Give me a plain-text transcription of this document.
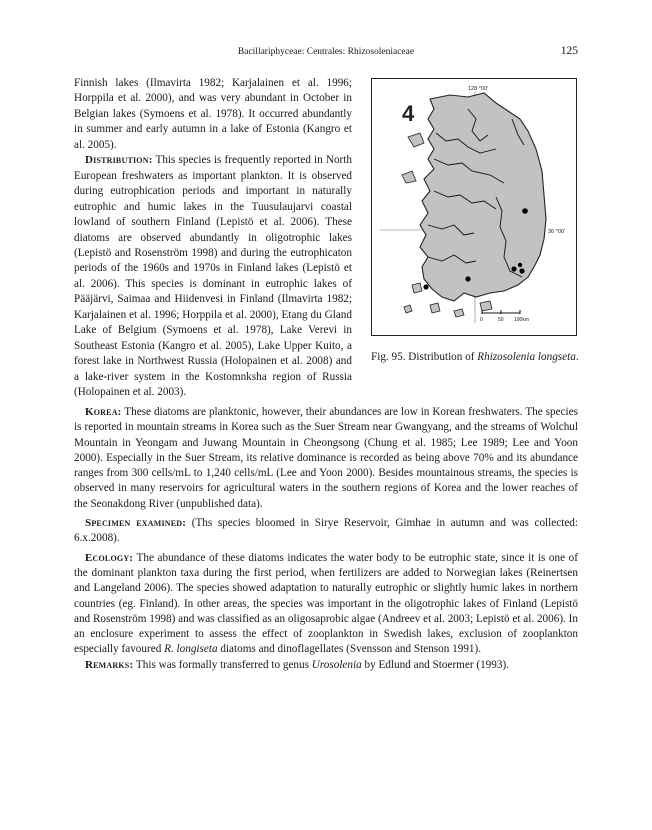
Bacillariphyceae: Centrales: Rhizosoleniaceae	125

Finnish lakes (Ilmavirta 1982; Karjalainen et al. 1996; Horppila et al. 2000), and was very abundant in October in Belgian lakes (Symoens et al. 1978). It occurred abundantly in summer and early autumn in a lake of Estonia (Kangro et al. 2005).

Distribution: This species is frequently reported in North European freshwaters as important plankton. It is observed during eutrophication periods and important in naturally eutrophic and humic lakes in the Tuusulaujarvi coastal lowland of southern Finland (Lepistö et al. 2006). These diatoms are observed abundantly in oligotrophic lakes (Lepistö and Rosenström 1998) and during the eutrophicaton periods of the 1960s and 1970s in Finland lakes (Lepistö et al. 2006). This species is dominant in eutrophic lakes of Pääjärvi, Saimaa and Hiidenvesi in Finland (Ilmavirta 1982; Karjalainen et al. 1996; Horppila et al. 2000), Etang du Gland Lake of Belgium (Symoens et al. 1978), Lake Verevi in Southeast Estonia (Kangro et al. 2005), Lake Upper Kuito, a forest lake in Northwest Russia (Holopainen et al. 2008) and a lake-river system in the Kostomnksha region of Russia (Holopainen et al. 2003).

4
128 °00'
36 °00'
0	50 100km
Fig. 95. Distribution of Rhizosolenia longseta.

Korea: These diatoms are planktonic, however, their abundances are low in Korean freshwaters. The species is reported in mountain streams in Korea such as the Suer Stream near Gwangyang, and the streams of Wolchul Mountain in Yeongam and Juwang Mountain in Cheongsong (Chung et al. 1985; Lee 1989; Lee and Yoon 2000). Especially in the Suer Stream, its relative dominance is recorded as being above 70% and its abundance ranges from 300 cells/mL to 1,240 cells/mL (Lee and Yoon 2000). Besides mountainous streams, the species is observed in many reservoirs for agricultural waters in the southern regions of Korea and the lower reaches of the Seonakdong River (unpublished data).

Specimen examined: (Ths species bloomed in Sirye Reservoir, Gimhae in autumn and was collected: 6.x.2008).

Ecology: The abundance of these diatoms indicates the water body to be eutrophic state, since it is one of the dominant plankton taxa during the first period, when fertilizers are added to Norwegian lakes (Reinertsen and Langeland 2006). The species showed adaptation to naturally eutrophic or slightly humic lakes in northern countries (eg. Finland). In other areas, the species was important in the oligotrophic lakes of Finland (Lepistö and Rosenström 1998) and was classified as an oligosaprobic algae (Andreev et al. 2003; Lepistö et al. 2006). In an enclosure experiment to assess the effect of zooplankton in Swedish lakes, exclusion of zooplankton especially favoured R. longiseta diatoms and dinoflagellates (Svensson and Stenson 1991).

Remarks: This was formally transferred to genus Urosolenia by Edlund and Stoermer (1993).
